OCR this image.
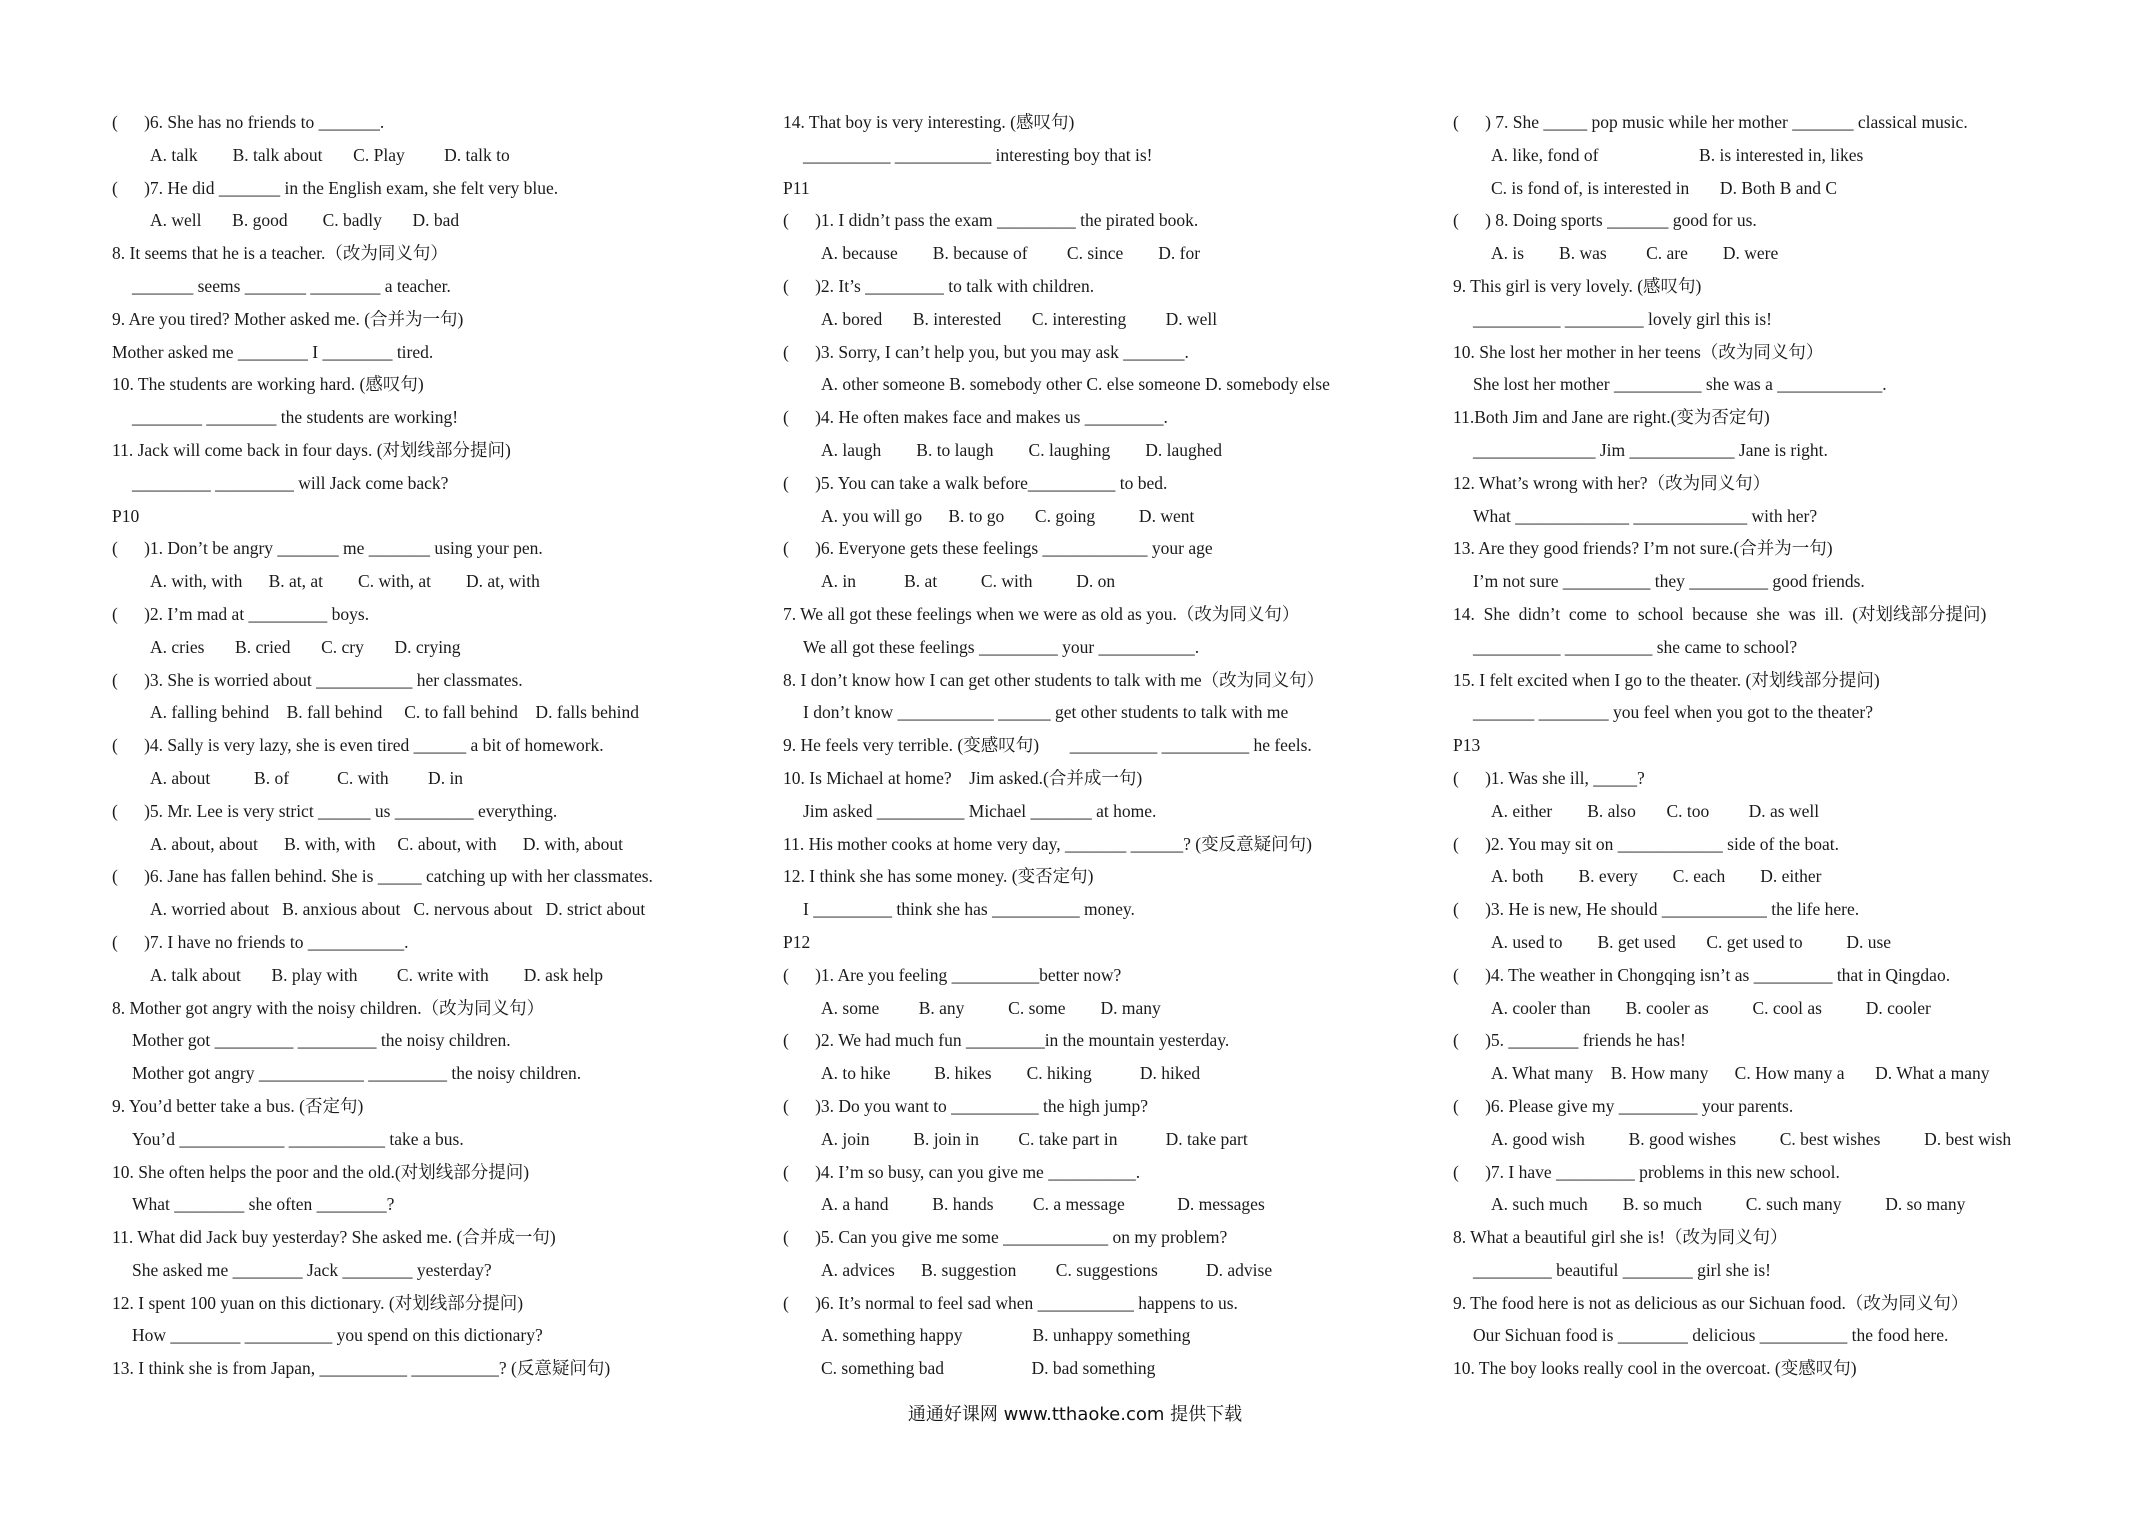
(      )6. She has no friends to _______.
A. talk        B. talk about       C. Play         D. talk to
(      )7. He did _______ in the English exam, she felt very blue.
A. well       B. good        C. badly       D. bad
8. It seems that he is a teacher.（改为同义句）
_______ seems _______ ________ a teacher.
9. Are you tired? Mother asked me. (合并为一句)
Mother asked me ________ I ________ tired.
10. The students are working hard. (感叹句)
________ ________ the students are working!
11. Jack will come back in four days. (对划线部分提问)
_________ _________ will Jack come back?
P10
(      )1. Don’t be angry _______ me _______ using your pen.
A. with, with      B. at, at        C. with, at        D. at, with
(      )2. I’m mad at _________ boys.
A. cries       B. cried       C. cry       D. crying
(      )3. She is worried about ___________ her classmates.
A. falling behind    B. fall behind     C. to fall behind    D. falls behind
(      )4. Sally is very lazy, she is even tired ______ a bit of homework.
A. about          B. of           C. with         D. in
(      )5. Mr. Lee is very strict ______ us _________ everything.
A. about, about      B. with, with     C. about, with      D. with, about
(      )6. Jane has fallen behind. She is _____ catching up with her classmates.
A. worried about   B. anxious about   C. nervous about   D. strict about
(      )7. I have no friends to ___________.
A. talk about       B. play with         C. write with        D. ask help
8. Mother got angry with the noisy children.（改为同义句）
Mother got _________ _________ the noisy children.
Mother got angry ____________ _________ the noisy children.
9. You’d better take a bus. (否定句)
You’d ____________ ___________ take a bus.
10. She often helps the poor and the old.(对划线部分提问)
What ________ she often ________?
11. What did Jack buy yesterday? She asked me. (合并成一句)
She asked me ________ Jack ________ yesterday?
12. I spent 100 yuan on this dictionary. (对划线部分提问)
How ________ __________ you spend on this dictionary?
13. I think she is from Japan, __________ __________? (反意疑问句)
14. That boy is very interesting. (感叹句)
__________ ___________ interesting boy that is!
P11
(      )1. I didn’t pass the exam _________ the pirated book.
A. because        B. because of         C. since        D. for
(      )2. It’s _________ to talk with children.
A. bored       B. interested       C. interesting         D. well
(      )3. Sorry, I can’t help you, but you may ask _______.
A. other someone B. somebody other C. else someone D. somebody else
(      )4. He often makes face and makes us _________.
A. laugh        B. to laugh        C. laughing        D. laughed
(      )5. You can take a walk before__________ to bed.
A. you will go      B. to go       C. going          D. went
(      )6. Everyone gets these feelings ____________ your age
A. in           B. at          C. with          D. on
7. We all got these feelings when we were as old as you.（改为同义句）
We all got these feelings _________ your ___________.
8. I don’t know how I can get other students to talk with me（改为同义句）
I don’t know ___________ ______ get other students to talk with me
9. He feels very terrible. (变感叹句)       __________ __________ he feels.
10. Is Michael at home?    Jim asked.(合并成一句)
Jim asked __________ Michael _______ at home.
11. His mother cooks at home very day, _______ ______? (变反意疑问句)
12. I think she has some money. (变否定句)
I _________ think she has __________ money.
P12
(      )1. Are you feeling __________better now?
A. some         B. any          C. some        D. many
(      )2. We had much fun _________in the mountain yesterday.
A. to hike          B. hikes        C. hiking           D. hiked
(      )3. Do you want to __________ the high jump?
A. join          B. join in         C. take part in           D. take part
(      )4. I’m so busy, can you give me __________.
A. a hand          B. hands         C. a message            D. messages
(      )5. Can you give me some ____________ on my problem?
A. advices      B. suggestion         C. suggestions           D. advise
(      )6. It’s normal to feel sad when ___________ happens to us.
A. something happy                B. unhappy something
C. something bad                    D. bad something
(      ) 7. She _____ pop music while her mother _______ classical music.
A. like, fond of                       B. is interested in, likes
C. is fond of, is interested in       D. Both B and C
(      ) 8. Doing sports _______ good for us.
A. is        B. was         C. are        D. were
9. This girl is very lovely. (感叹句)
__________ _________ lovely girl this is!
10. She lost her mother in her teens（改为同义句）
She lost her mother __________ she was a ____________.
11.Both Jim and Jane are right.(变为否定句)
______________ Jim ____________ Jane is right.
12. What’s wrong with her?（改为同义句）
What _____________ _____________ with her?
13. Are they good friends? I’m not sure.(合并为一句)
I’m not sure __________ they _________ good friends.
14.  She  didn’t  come  to  school  because  she  was  ill.  (对划线部分提问)
__________ __________ she came to school?
15. I felt excited when I go to the theater. (对划线部分提问)
_______ ________ you feel when you got to the theater?
P13
(      )1. Was she ill, _____?
A. either        B. also       C. too         D. as well
(      )2. You may sit on ____________ side of the boat.
A. both        B. every        C. each        D. either
(      )3. He is new, He should ____________ the life here.
A. used to        B. get used       C. get used to          D. use
(      )4. The weather in Chongqing isn’t as _________ that in Qingdao.
A. cooler than        B. cooler as          C. cool as          D. cooler
(      )5. ________ friends he has!
A. What many    B. How many      C. How many a       D. What a many
(      )6. Please give my _________ your parents.
A. good wish          B. good wishes          C. best wishes          D. best wish
(      )7. I have _________ problems in this new school.
A. such much        B. so much          C. such many          D. so many
8. What a beautiful girl she is!（改为同义句）
_________ beautiful ________ girl she is!
9. The food here is not as delicious as our Sichuan food.（改为同义句）
Our Sichuan food is ________ delicious __________ the food here.
10. The boy looks really cool in the overcoat. (变感叹句)
通通好课网 www.tthaoke.com 提供下载
